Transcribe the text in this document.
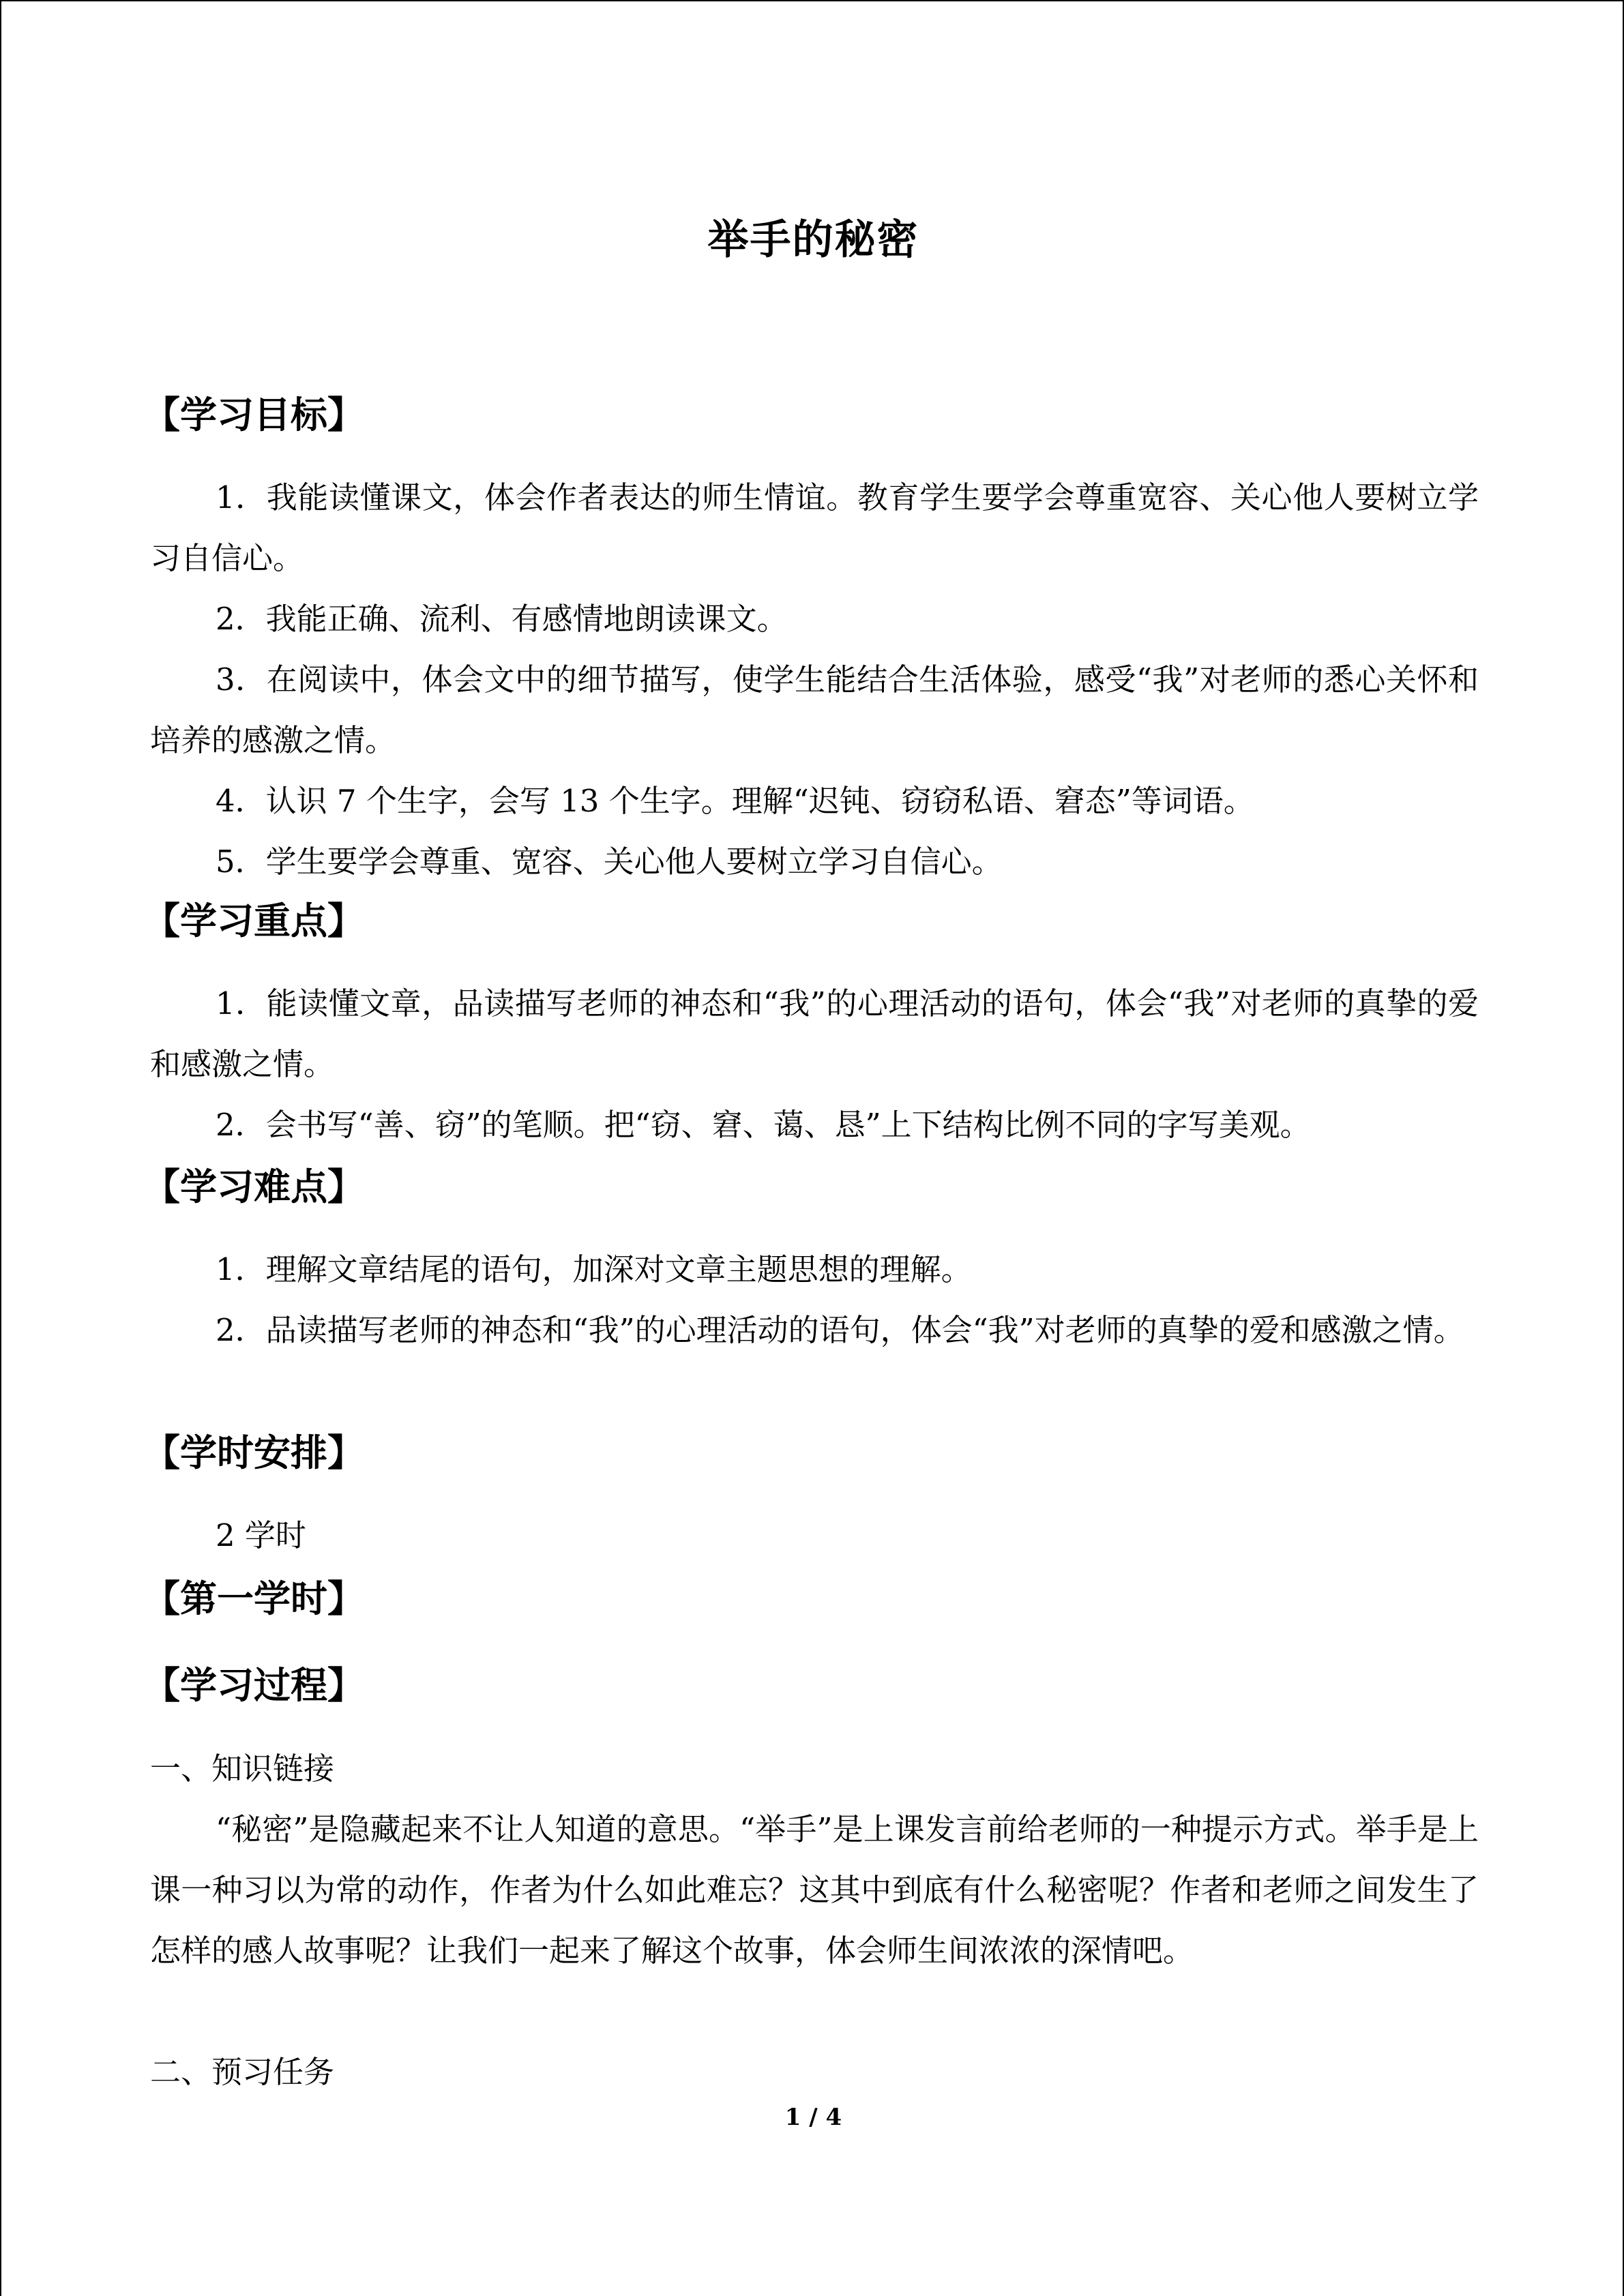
举手的秘密
【学习目标】
1．我能读懂课文，体会作者表达的师生情谊。教育学生要学会尊重宽容、关心他人要树立学习自信心。
2．我能正确、流利、有感情地朗读课文。
3．在阅读中，体会文中的细节描写，使学生能结合生活体验，感受“我”对老师的悉心关怀和培养的感激之情。
4．认识 7 个生字，会写 13 个生字。理解“迟钝、窃窃私语、窘态”等词语。
5．学生要学会尊重、宽容、关心他人要树立学习自信心。
【学习重点】
1．能读懂文章，品读描写老师的神态和“我”的心理活动的语句，体会“我”对老师的真挚的爱和感激之情。
2．会书写“善、窃”的笔顺。把“窃、窘、蔼、恳”上下结构比例不同的字写美观。
【学习难点】
1．理解文章结尾的语句，加深对文章主题思想的理解。
2．品读描写老师的神态和“我”的心理活动的语句，体会“我”对老师的真挚的爱和感激之情。
【学时安排】
2 学时
【第一学时】
【学习过程】
一、知识链接
“秘密”是隐藏起来不让人知道的意思。“举手”是上课发言前给老师的一种提示方式。举手是上课一种习以为常的动作，作者为什么如此难忘？这其中到底有什么秘密呢？作者和老师之间发生了怎样的感人故事呢？让我们一起来了解这个故事，体会师生间浓浓的深情吧。
二、预习任务
1 / 4
